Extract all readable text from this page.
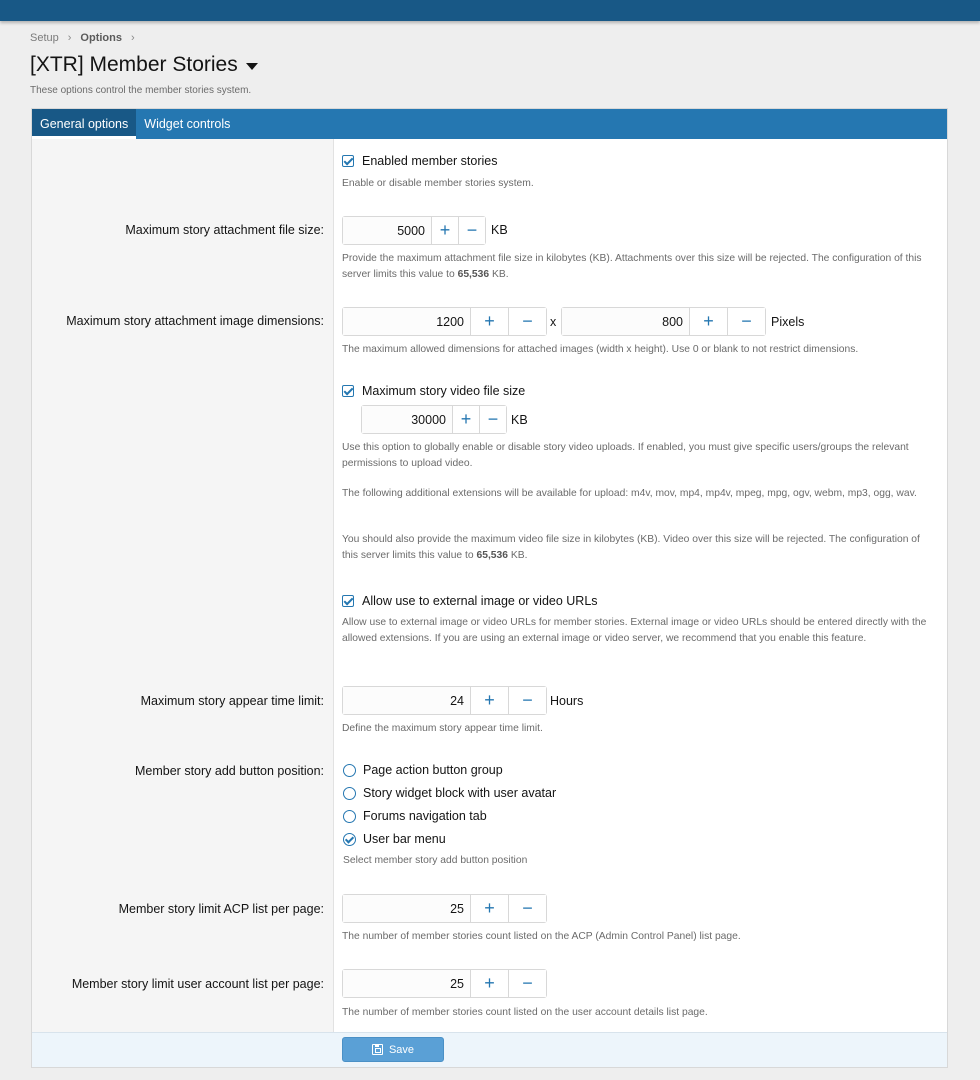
Setup › Options ›
[XTR] Member Stories
These options control the member stories system.
General options	Widget controls
Enabled member stories
Enable or disable member stories system.
Maximum story attachment file size:	5000 + −	KB
Provide the maximum attachment file size in kilobytes (KB). Attachments over this size will be rejected. The configuration of this server limits this value to 65,536 KB.
Maximum story attachment image dimensions:	1200	+	−	x	800	+	−	Pixels
The maximum allowed dimensions for attached images (width x height). Use 0 or blank to not restrict dimensions.
Maximum story video file size
30000 + −	KB
Use this option to globally enable or disable story video uploads. If enabled, you must give specific users/groups the relevant permissions to upload video.
The following additional extensions will be available for upload: m4v, mov, mp4, mp4v, mpeg, mpg, ogv, webm, mp3, ogg, wav.
You should also provide the maximum video file size in kilobytes (KB). Video over this size will be rejected. The configuration of this server limits this value to 65,536 KB.
Allow use to external image or video URLs
Allow use to external image or video URLs for member stories. External image or video URLs should be entered directly with the allowed extensions. If you are using an external image or video server, we recommend that you enable this feature.
Maximum story appear time limit:	24	+	−	Hours
Define the maximum story appear time limit.
Member story add button position:	Page action button group
Story widget block with user avatar
Forums navigation tab
User bar menu
Select member story add button position
Member story limit ACP list per page:	25	+	−
The number of member stories count listed on the ACP (Admin Control Panel) list page.
Member story limit user account list per page:	25	+	−
The number of member stories count listed on the user account details list page.
Save
